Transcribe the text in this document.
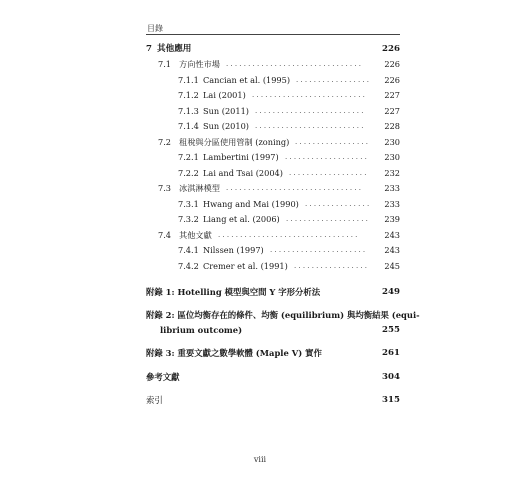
目錄
7 其他應用	226
7.1 方向性市場 ...............................	226
7.1.1 Cancian et al. (1995) .................	226
7.1.2 Lai (2001) ..........................	227
7.1.3 Sun (2011) .........................	227
7.1.4 Sun (2010) .........................	228
7.2 租稅與分區使用管制 (zoning) .................	230
7.2.1 Lambertini (1997) ...................	230
7.2.2 Lai and Tsai (2004) ..................	232
7.3 冰淇淋模型 ...............................	233
7.3.1 Hwang and Mai (1990) ...............	233
7.3.2 Liang et al. (2006) ...................	239
7.4 其他文獻 ................................	243
7.4.1 Nilssen (1997) ......................	243
7.4.2 Cremer et al. (1991) .................	245
附錄 1: Hotelling 模型與空間 Y 字形分析法	249
附錄 2: 區位均衡存在的條件、均衡 (equilibrium) 與均衡結果 (equi-
librium outcome)	255
附錄 3: 重要文獻之數學軟體 (Maple V) 實作	261
參考文獻	304
索引	315
viii
